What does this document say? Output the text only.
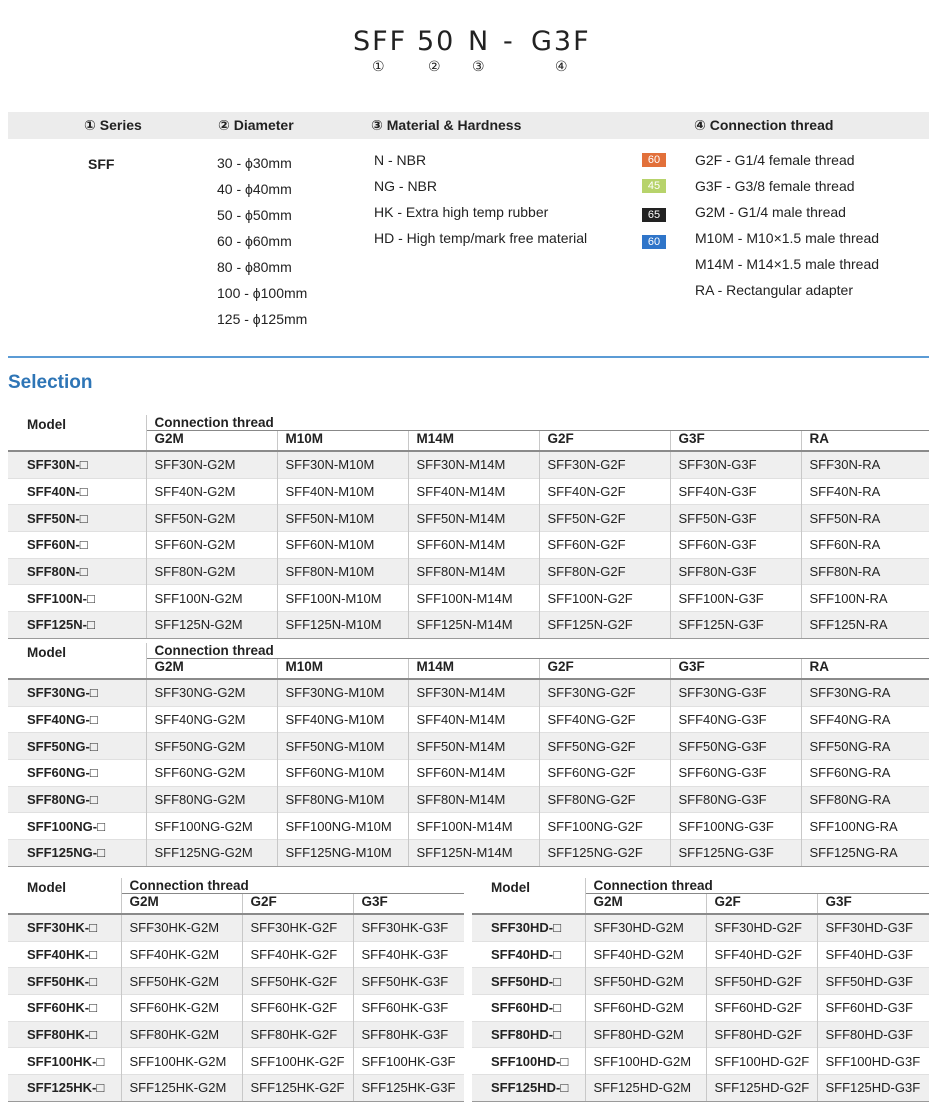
SFF 50 N - G3F
①	② ③	④
① Series	② Diameter	③ Material & Hardness	④ Connection thread
SFF	30 - ϕ30mm
40 - ϕ40mm
50 - ϕ50mm
60 - ϕ60mm
80 - ϕ80mm
100 - ϕ100mm
125 - ϕ125mm
N - NBR
NG - NBR
HK - Extra high temp rubber
HD - High temp/mark free material
60
45
65
60
G2F - G1/4 female thread
G3F - G3/8 female thread
G2M - G1/4 male thread
M10M - M10×1.5 male thread
M14M - M14×1.5 male thread
RA - Rectangular adapter
Selection
Model	Connection thread					
	G2M	M10M	M14M	G2F	G3F	RA
SFF30N-□	SFF30N-G2M	SFF30N-M10M	SFF30N-M14M	SFF30N-G2F	SFF30N-G3F	SFF30N-RA
SFF40N-□	SFF40N-G2M	SFF40N-M10M	SFF40N-M14M	SFF40N-G2F	SFF40N-G3F	SFF40N-RA
SFF50N-□	SFF50N-G2M	SFF50N-M10M	SFF50N-M14M	SFF50N-G2F	SFF50N-G3F	SFF50N-RA
SFF60N-□	SFF60N-G2M	SFF60N-M10M	SFF60N-M14M	SFF60N-G2F	SFF60N-G3F	SFF60N-RA
SFF80N-□	SFF80N-G2M	SFF80N-M10M	SFF80N-M14M	SFF80N-G2F	SFF80N-G3F	SFF80N-RA
SFF100N-□	SFF100N-G2M	SFF100N-M10M	SFF100N-M14M	SFF100N-G2F	SFF100N-G3F	SFF100N-RA
SFF125N-□	SFF125N-G2M	SFF125N-M10M	SFF125N-M14M	SFF125N-G2F	SFF125N-G3F	SFF125N-RA
Model	Connection thread					
	G2M	M10M	M14M	G2F	G3F	RA
SFF30NG-□	SFF30NG-G2M	SFF30NG-M10M	SFF30N-M14M	SFF30NG-G2F	SFF30NG-G3F	SFF30NG-RA
SFF40NG-□	SFF40NG-G2M	SFF40NG-M10M	SFF40N-M14M	SFF40NG-G2F	SFF40NG-G3F	SFF40NG-RA
SFF50NG-□	SFF50NG-G2M	SFF50NG-M10M	SFF50N-M14M	SFF50NG-G2F	SFF50NG-G3F	SFF50NG-RA
SFF60NG-□	SFF60NG-G2M	SFF60NG-M10M	SFF60N-M14M	SFF60NG-G2F	SFF60NG-G3F	SFF60NG-RA
SFF80NG-□	SFF80NG-G2M	SFF80NG-M10M	SFF80N-M14M	SFF80NG-G2F	SFF80NG-G3F	SFF80NG-RA
SFF100NG-□	SFF100NG-G2M	SFF100NG-M10M	SFF100N-M14M	SFF100NG-G2F	SFF100NG-G3F	SFF100NG-RA
SFF125NG-□	SFF125NG-G2M	SFF125NG-M10M	SFF125N-M14M	SFF125NG-G2F	SFF125NG-G3F	SFF125NG-RA
Model	Connection thread		
	G2M	G2F	G3F
SFF30HK-□	SFF30HK-G2M	SFF30HK-G2F	SFF30HK-G3F
SFF40HK-□	SFF40HK-G2M	SFF40HK-G2F	SFF40HK-G3F
SFF50HK-□	SFF50HK-G2M	SFF50HK-G2F	SFF50HK-G3F
SFF60HK-□	SFF60HK-G2M	SFF60HK-G2F	SFF60HK-G3F
SFF80HK-□	SFF80HK-G2M	SFF80HK-G2F	SFF80HK-G3F
SFF100HK-□	SFF100HK-G2M	SFF100HK-G2F	SFF100HK-G3F
SFF125HK-□	SFF125HK-G2M	SFF125HK-G2F	SFF125HK-G3F
Model	Connection thread		
	G2M	G2F	G3F
SFF30HD-□	SFF30HD-G2M	SFF30HD-G2F	SFF30HD-G3F
SFF40HD-□	SFF40HD-G2M	SFF40HD-G2F	SFF40HD-G3F
SFF50HD-□	SFF50HD-G2M	SFF50HD-G2F	SFF50HD-G3F
SFF60HD-□	SFF60HD-G2M	SFF60HD-G2F	SFF60HD-G3F
SFF80HD-□	SFF80HD-G2M	SFF80HD-G2F	SFF80HD-G3F
SFF100HD-□	SFF100HD-G2M	SFF100HD-G2F	SFF100HD-G3F
SFF125HD-□	SFF125HD-G2M	SFF125HD-G2F	SFF125HD-G3F
